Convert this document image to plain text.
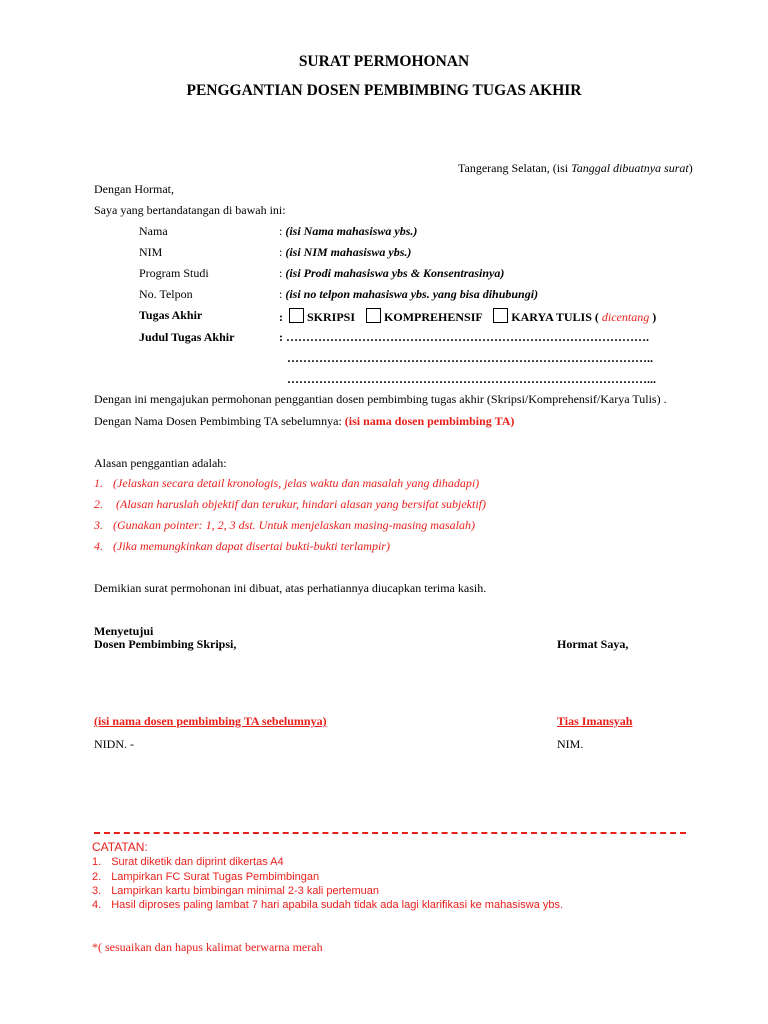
SURAT PERMOHONAN
PENGGANTIAN DOSEN PEMBIMBING TUGAS AKHIR
Tangerang Selatan, (isi Tanggal dibuatnya surat)
Dengan Hormat,
Saya yang bertandatangan di bawah ini:
Nama	: (isi Nama mahasiswa ybs.)
NIM	: (isi NIM mahasiswa ybs.)
Program Studi	: (isi Prodi mahasiswa ybs & Konsentrasinya)
No. Telpon	: (isi no telpon mahasiswa ybs. yang bisa dihubungi)
Tugas Akhir	: SKRIPSI KOMPREHENSIF KARYA TULIS ( dicentang )
Judul Tugas Akhir	: ……………………………………………………………………………….
………………………………………………………………………………..
………………………………………………………………………………...
Dengan ini mengajukan permohonan penggantian dosen pembimbing tugas akhir (Skripsi/Komprehensif/Karya Tulis) .
Dengan Nama Dosen Pembimbing TA sebelumnya: (isi nama dosen pembimbing TA)
Alasan penggantian adalah:
1. (Jelaskan secara detail kronologis, jelas waktu dan masalah yang dihadapi)
2. (Alasan haruslah objektif dan terukur, hindari alasan yang bersifat subjektif)
3. (Gunakan pointer: 1, 2, 3 dst. Untuk menjelaskan masing-masing masalah)
4. (Jika memungkinkan dapat disertai bukti-bukti terlampir)
Demikian surat permohonan ini dibuat, atas perhatiannya diucapkan terima kasih.
Menyetujui
Dosen Pembimbing Skripsi,	Hormat Saya,
(isi nama dosen pembimbing TA sebelumnya)	Tias Imansyah
NIDN. -	NIM.
CATATAN:
1. Surat diketik dan diprint dikertas A4
2. Lampirkan FC Surat Tugas Pembimbingan
3. Lampirkan kartu bimbingan minimal 2-3 kali pertemuan
4. Hasil diproses paling lambat 7 hari apabila sudah tidak ada lagi klarifikasi ke mahasiswa ybs.
*( sesuaikan dan hapus kalimat berwarna merah
